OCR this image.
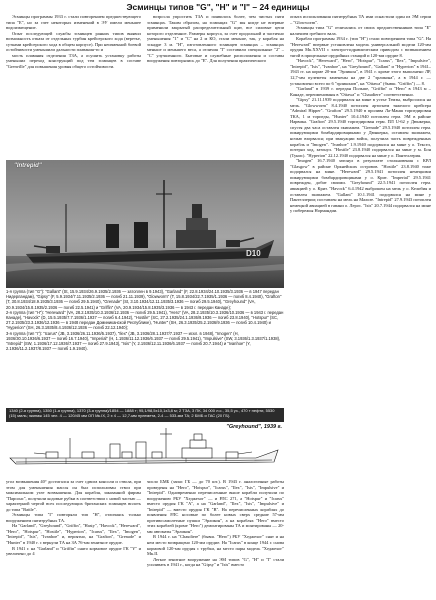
Эсминцы типов "G", "H" и "I" – 24 единицы

Эсминцы программы 1933 г. стали повторением предшествующего типа "Е", но за счет некоторых изменений в ЭУ имели меньшее водоизмещение.

Опыт последующей службы эсминцев ранних типов выявил возможность отказа от отдельных турбин крейсерского хода (веретье, сутками крейсерского хода в общем корпусе). При неизменной боевой остойчивости уменьшили дальности плавания-то и

мость плавания отделения ТЗА, а осушить установку работы уменьшил переход конструкций под тем эсминцев в составе "Grenville" для повышения уровня общего остойчивости.

возросла упростить ТЗА и появилось более, чем чистых пяти эсминцах. Таким образом, на эсминцах "G" мы нигде не впервые применили закрытый распределительный щит, все силовые цепи которого отделенное. Размеры корпуса, за счет продольной и частично уменьшения "1" и "С" на 2 м КО, стали меньше, так, у корабля на эскадре 3 м. "Н", изготовленного эсминцев эсминцах – эсминцах меньше и меньшего веса, а отличия "I" составили специальные "2" – "С" улучшенного. Бытовые и служебные расположения и составы вооружения повторялись до "Е". Для получения практического

опыта использования пятитрубных ТА ими оснастили один из ЭМ серии – "Glowworm".

Эсминцы типа "G" отличались от своих предшественников типа "E" наличием гребного вала.

Корабли программы 1934 г. (тип "H") стали повторением типа "G". На "Hereward" впервые установлена модель универсальной модели 120-мм орудия Мк.XXVII с электро-гидравлическим приводом с возвышением тягой в прицельные орудийных станций и 120-мм орудие 8.

"Havock", "Hereward", "Hero", "Hotspur", "Icarus", "Ilex", "Impulsive", "Intrepid", "Isis", "Ivanhoe", на "Greyhound", "Gallant" и "Hyperion" в 1941–1943 гг. на корме 20-мм "Эрликон", в 1941 г. кроме этого выполнено ЛР, 12,7-мм пулеметы заменены на две 2 "эрликона", а в 1944 г. — установлено всего по 6 "эрликонов", на "Ottawa" (бывш. "Griffin") — 8.

"Garland" в 1939 г. передан Польше, "Griffin" и "Hero" в 1943 м – Канаде, переименованы в "Ottawa" и "Chaudiere" соответственно.

"Gipsy" 21.11.1939 подорвался на мине в устье Темзы, выбросился на мель. "Glowworm" 8.4.1940 потоплен артогнем тяжелого крейсера "Admiral Hipper". "Grafton" 29.5.1940 в пролива Ла-Манш торпедирован ТКА, 1 м торпеды, "Hunter" 10.4.1940 потоплен герм. ЭМ в районе Нарвика. "Grafton" 29.5.1940 торпедирован герм. ПЛ U-62 у Дюнкерка, спустя два часа оставлен экипажем. "Grenade" 29.5.1940 потоплен герм. пикирующими бомбардировщиками у Дюнкерка, оставлен экипажем, ночью взорвался; при эвакуации войск, получила часть поврежденных корабль и "Imogen". "Ivanhoe" 1.9.1940 подорвался на мине у о. Тексел, потерял ход, затонул. "Hostile" 23.8.1940 подорвался на мине у м. Бон (Тунис). "Hyperion" 22.12.1940 подорвался на мине у о. Пантеллерия.

"Imogen" 16.7.1940 затонул в результате столкновения с КРЛ "Glasgow" в районе Оркнейских островов. "Hostile" 23.8.1940 тоже подорвался на мине. "Hereward" 29.5.1941 потоплен немецкими пикирующими бомбардировщиками у о. Крит. "Imperial" 29.5.1941 поврежден, добит своими. "Greyhound" 22.5.1941 потоплен герм. авиацией у о. Крит. "Havock" 6.4.1942 выброшен на мель у о. Келибия и оставлен экипажем. "Gallant" 10.1.1941 подорвался на мине у Пантеллерии; поставлен на мель на Мальте. "Intrepid" 27.9.1943 потоплен немецкой авиацией в гавани о. Лерос. "Isis" 20.7.1944 подорвался на мине у побережья Нормандии.

D10
"Intrepid"

1-я группа (тип "G"): "Gallant" (St, 15.9.1934/26.9.1935/2.1936 — затоплен в 9.1943), "Garland" (F, 22.8.1934/24.10.1935/3.1936 — в 1947 передан Нидерландам), "Gipsy" (F, 5.9.1934/7.11.1935/2.1936 — погиб 21.11.1939), "Glowworm" (T, 15.8.1934/22.7.1935/1.1936 — погиб 8.4.1940), "Grafton" (T, 30.8.1934/18.9.1935/3.1936 — погиб 29.5.1940), "Grenade" (St, 3.10.1934/12.11.1935/3.1936 — погиб 29.5.1940), "Greyhound" (VA, 20.9.1934/15.8.1935/2.1936 — погиб 22.5.1941) и "Griffin" (VA, 20.9.1934/15.8.1935/3.1936 — в 1943 г. передан Канаде);

2-я группа (тип "H"): "Hereward" (VA, 28.2.1935/10.3.1936/12.1936 — погиб 29.5.1941), "Hero" (VA, 28.2.1935/10.3.1936/10.1936 — в 1943 г. передан Канаде), "Havock" (D, 15.5.1935/7.7.1936/1.1937 — погиб 6.4.1942), "Hostile" (SC, 27.2.1935/24.1.1936/9.1936 — погиб 23.8.1940), "Hotspur" (SC, 27.2.1935/23.3.1936/12.1936 — в 1948 передан Доминиканской Республике), "Hunter" (SH, 26.3.1935/25.2.1936/9.1936 — погиб 10.4.1940) и "Hyperion" (SH, 26.3.1935/8.4.1936/12.1936 — погиб 22.12.1940);

3-я группа (тип "I"): "Icarus" (JB, 3.1936/26.11.1936/5.1937), "Ilex" (JB, 3.1936/28.1.1937/7.1937 — искл. в 1948), "Imogen" (H, 1936/30.10.1936/6.1937 — погиб 16.7.1940), "Imperial" (H, 1.1936/11.12.1936/6.1937 — погиб 29.5.1941), "Impulsive" (SW, 3.1936/1.3.1937/1.1938), "Intrepid" (SW, 1.1936/17.12.1936/7.1937 — погиб 27.9.1943), "Isis" (Y, 2.1936/12.11.1936/6.1937 — погиб 20.7.1944) и "Ivanhoe" (Y, 2.1936/11.2.1937/8.1937 — погиб 1.9.1940).

1340 (2-я группа), 1350 (1-я группа), 1370 (3-я группа)/1854 — 1888 т; 95,1/98,5х10,1х3,8 м; 2 ТЗА, 3 ПК, 34 000 л.с., 35,5 уз., 470 т нефти, 5530 (15) миль; экипаж 145 чел. 4 — 120/45 мм ОП Мк.IX, 2 х 4 — 12,7-мм пулемета, 2-4 — 533-мм ТА; 2 БМБ и ГАС (20 ГБ).
"Greyhound", 1939 г.

угол возвышения 40° достигался за счет сдвига консоли и ствола, при этом для уменьшения массы он был использован ствол при максимальном угле возвышения. Для корабля, заказанной фирмы "Парсонс", получили кодовые рубки в соответствии с новой частью — характерной чертой всех последующих британских эсминцев вплоть до типа "Battle".

Эсминцы типа "I" повторяли тип "H", отличаясь только вооружением пятитрубных ТА.

На "Garland", "Greyhound", "Griffin", "Hasty", "Havock", "Hereward", "Hero", "Hotspur", "Hostile", "Hyperion", "Icarus", "Ilex", "Imogen", "Intrepid", "Isis", "Ivanhoe" и, вероятно, на "Grafton", "Grenade" и "Hunter" в 1940 г. с вернули ТА на ЗА 76-мм зенитное орудие.

В 1941 г. на "Garland" и "Griffin" снято кормовое орудие ГК "Y" и увеличено до 4

число БМБ (запас ГБ — до 70 шт.). В 1943 г. аналогичные работы проведены на "Hero", "Hotspur", "Icarus", "Ilex", "Isis", "Impulsive" и "Intrepid". Одновременно перечисленные выше корабли получили по вооружению РБУ "Хеджехог" — и РЛС 271, а "Hotspur" и "Icarus" вместо орудия ГК "А", а на "Garland", "Ilex", "Isis", "Impulsive" и "Intrepid" — вместо орудия ГК "В". На перечисленных кораблях до появления РЛС носовые по более новых сверх средние 57-мм противосамолетные пушки "Эрликон", а на кораблях "Hero" вместо этих кораблей (кроме "Hero") демонтированы ТА и монтированы — 20-мм автоматы "Эрликон".

В 1944 г. на "Chaudiere" (бывш. "Hero") РБУ "Хеджехог" снят и на нем место возвращено 120-мм орудие. На "Icarus" в конце 1944 г. снова кормовой 120-мм орудия с трубки, на место пары модель "Хеджехог" Мк.II.

Легкое зенитное вооружение на ЭМ типов "G", "H" и "I" стали усиливать в 1941 г., когда на "Gipsy" и "Isis" вместо
